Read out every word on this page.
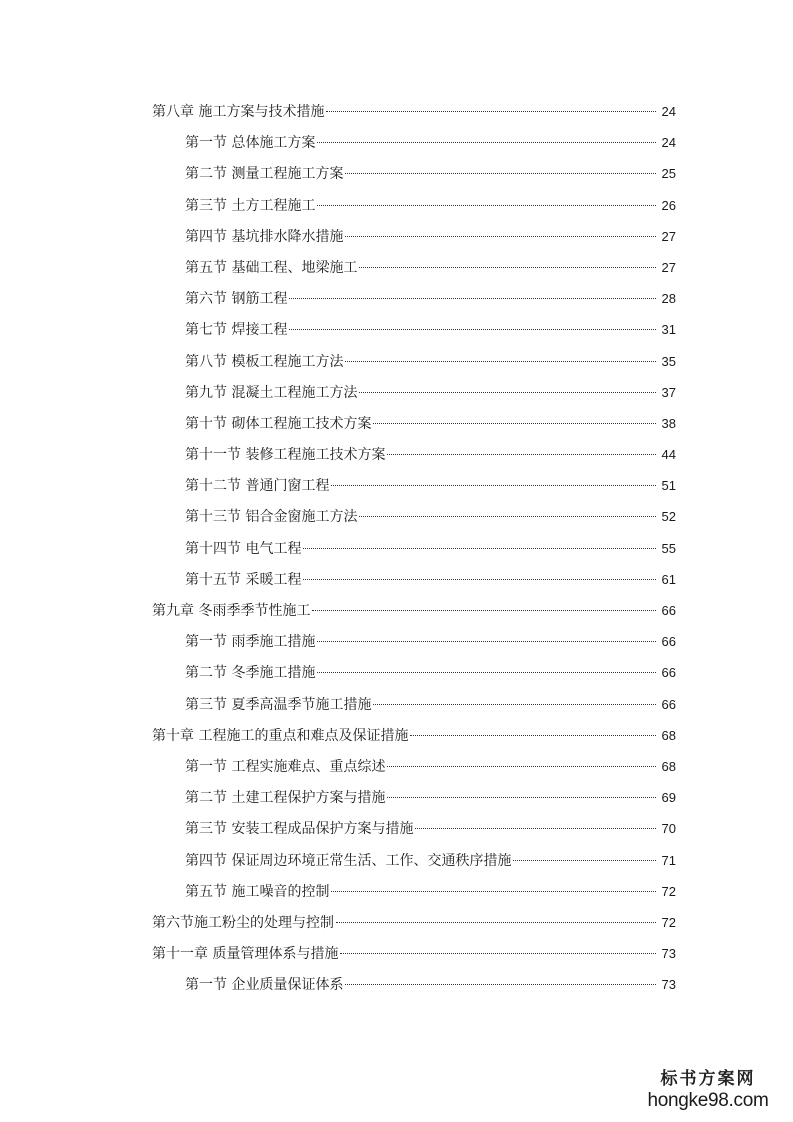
第八章 施工方案与技术措施	24
第一节 总体施工方案	24
第二节 测量工程施工方案	25
第三节 土方工程施工	26
第四节 基坑排水降水措施	27
第五节 基础工程、地梁施工	27
第六节 钢筋工程	28
第七节 焊接工程	31
第八节 模板工程施工方法	35
第九节 混凝土工程施工方法	37
第十节 砌体工程施工技术方案	38
第十一节 装修工程施工技术方案	44
第十二节 普通门窗工程	51
第十三节 铝合金窗施工方法	52
第十四节 电气工程	55
第十五节 采暖工程	61
第九章 冬雨季季节性施工	66
第一节 雨季施工措施	66
第二节 冬季施工措施	66
第三节 夏季高温季节施工措施	66
第十章 工程施工的重点和难点及保证措施	68
第一节 工程实施难点、重点综述	68
第二节 土建工程保护方案与措施	69
第三节 安装工程成品保护方案与措施	70
第四节 保证周边环境正常生活、工作、交通秩序措施	71
第五节 施工噪音的控制	72
第六节施工粉尘的处理与控制	72
第十一章 质量管理体系与措施	73
第一节 企业质量保证体系	73
标书方案网
hongke98.com
